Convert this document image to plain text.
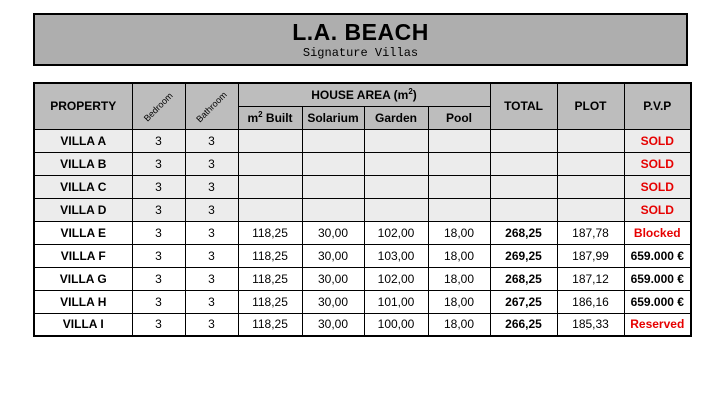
L.A. BEACH
Signature Villas
PROPERTY	Bedroom	Bathroom	HOUSE AREA $(m^2)$				TOTAL	PLOT	P.V.P
			$m^2$ Built	Solarium	Garden	Pool			
VILLA A	3	3							SOLD
VILLA B	3	3							SOLD
VILLA C	3	3							SOLD
VILLA D	3	3							SOLD
VILLA E	3	3	118,25	30,00	102,00	18,00	268,25	187,78	Blocked
VILLA F	3	3	118,25	30,00	103,00	18,00	269,25	187,99	659.000 €
VILLA G	3	3	118,25	30,00	102,00	18,00	268,25	187,12	659.000 €
VILLA H	3	3	118,25	30,00	101,00	18,00	267,25	186,16	659.000 €
VILLA I	3	3	118,25	30,00	100,00	18,00	266,25	185,33	Reserved
